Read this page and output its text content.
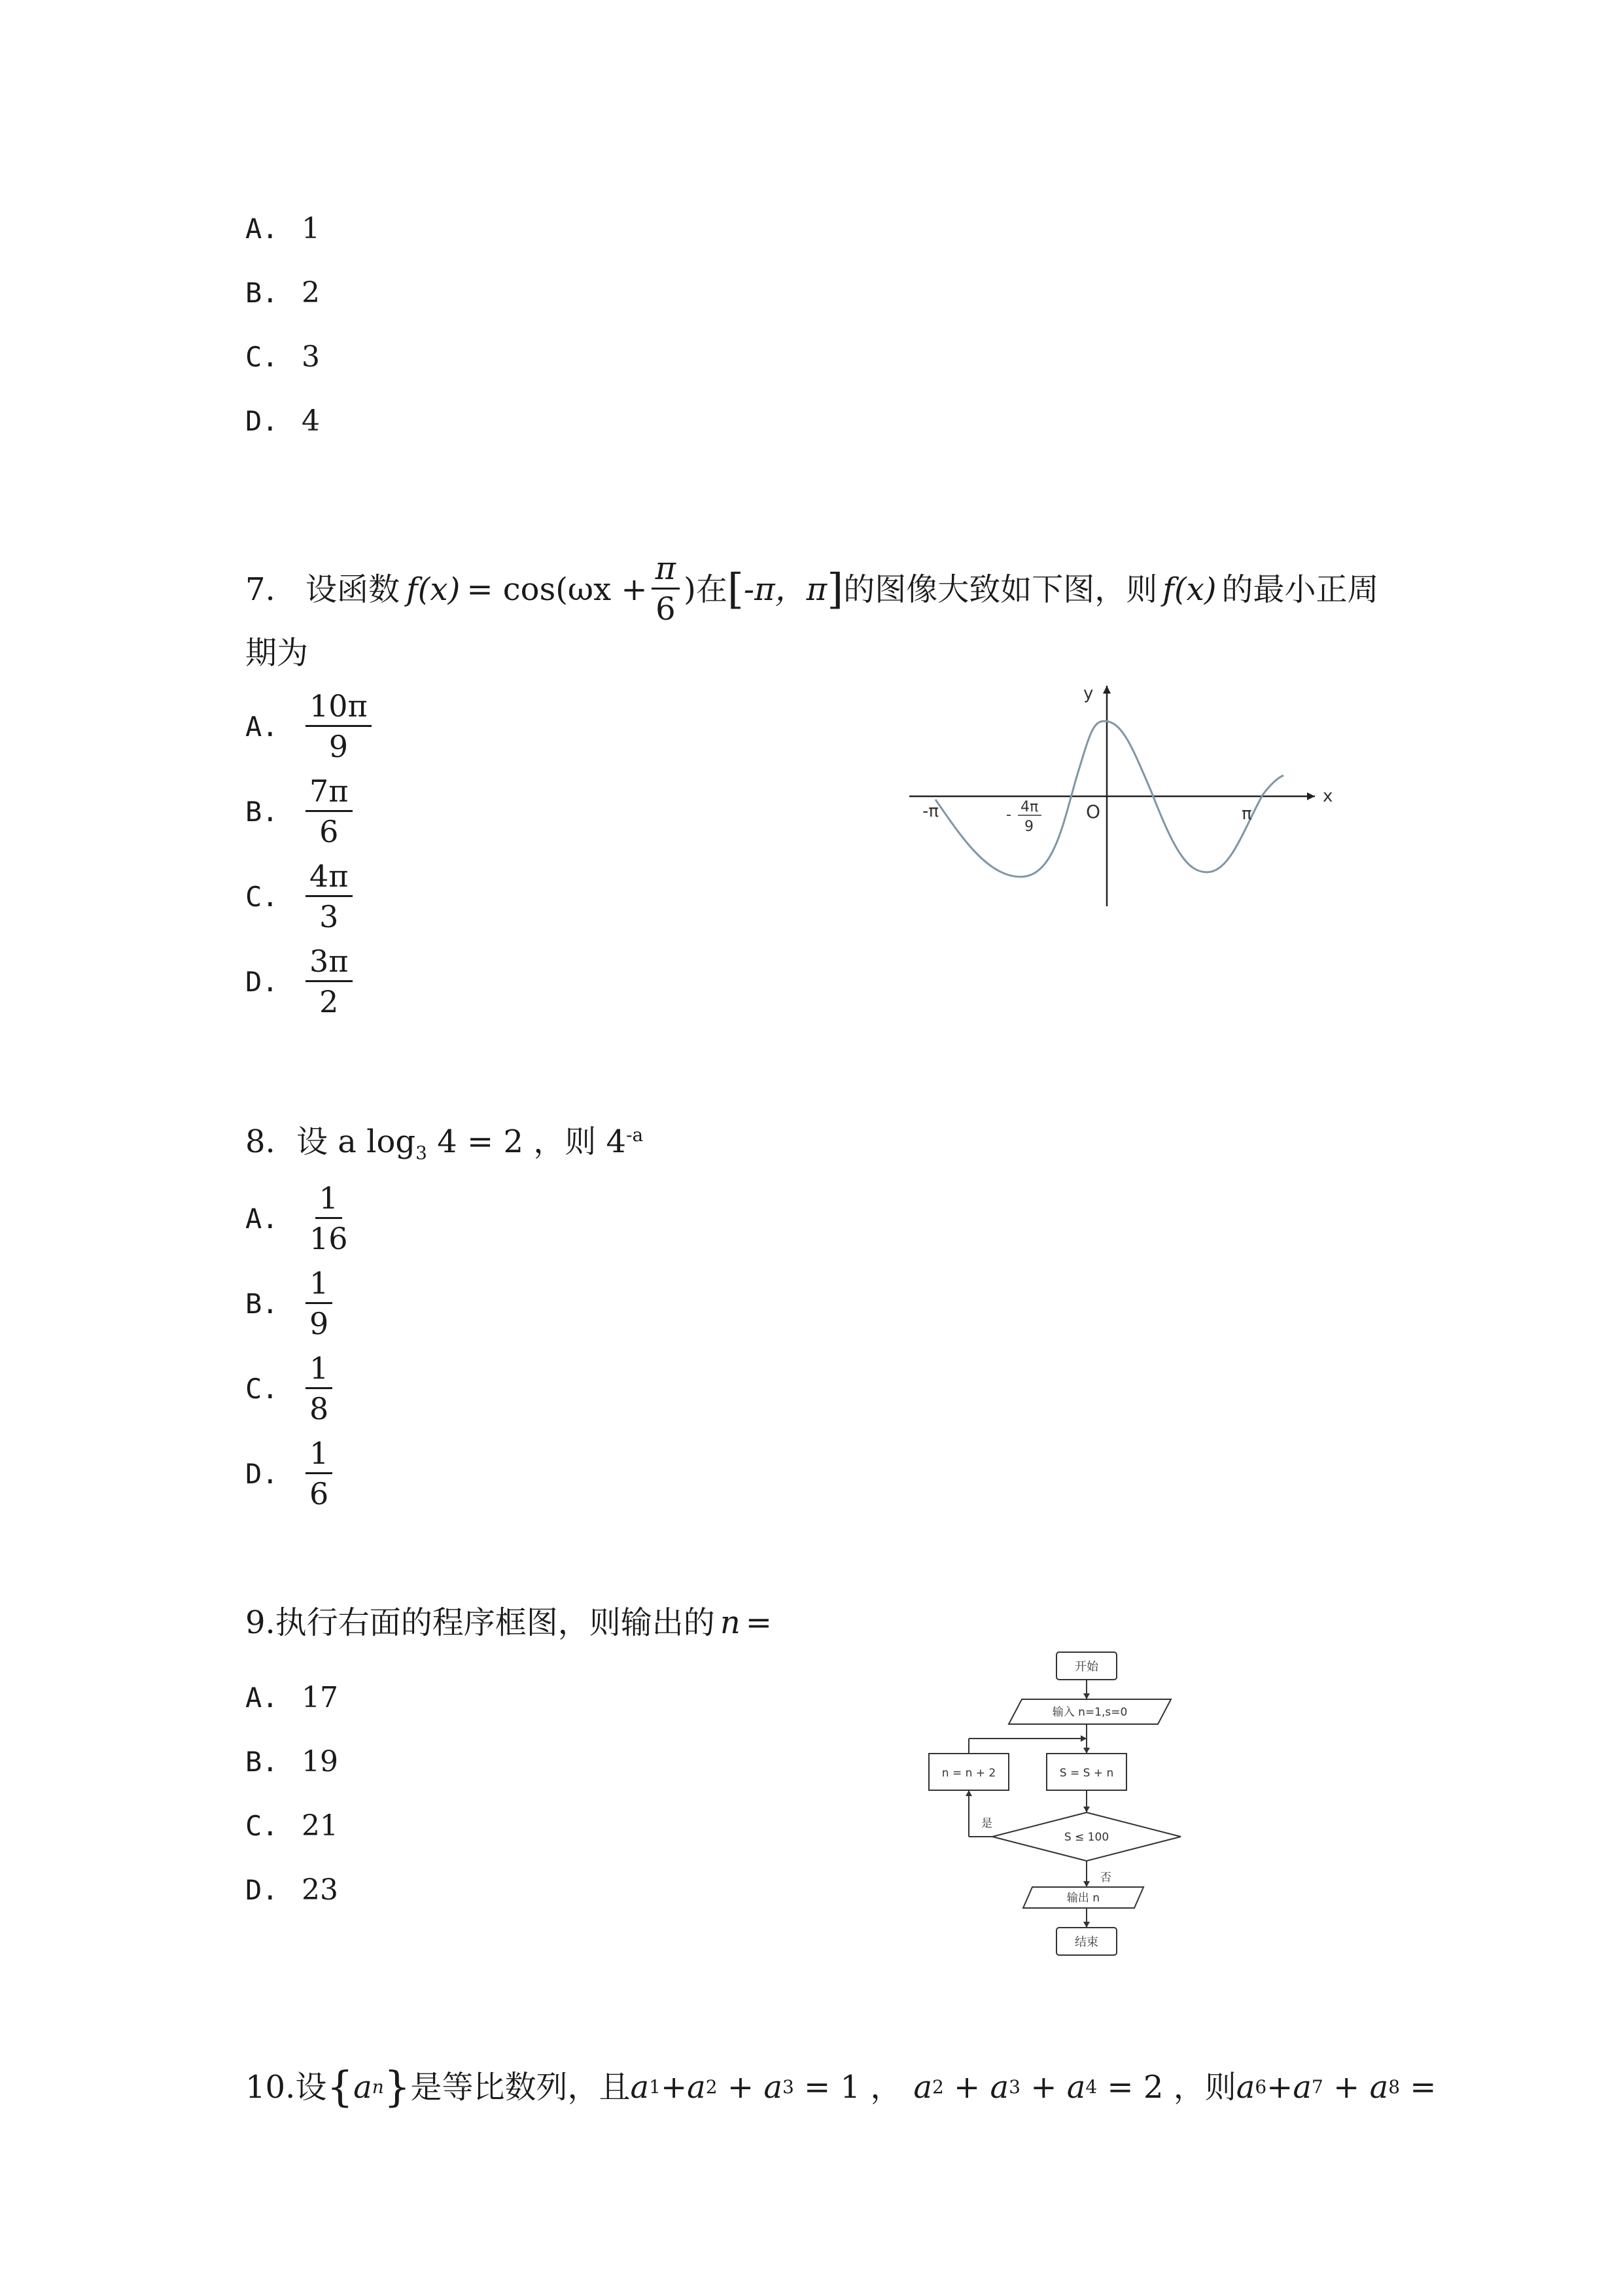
A. 1
B. 2
C. 3
D. 4
7. 设函数 $f(x) = \cos(\omega x + \frac{\pi}{6}$ ) 在 [ -π，π ] 的图像大致如下图，则 f(x) 的最小正周
期为
A. $\frac{10\pi}{9}$
B. $\frac{7\pi}{6}$
C. $\frac{4\pi}{3}$
D. $\frac{3\pi}{2}$
x
y
O
-π	π
4π
-
9
8. 设 a $\log_3 4 = 2$ ，则 $4^{-a}$
A. $\frac{1}{16}$
B. $\frac{1}{9}$
C. $\frac{1}{8}$
D. $\frac{1}{6}$
9.执行右面的程序框图，则输出的 n =
A. 17
B. 19
C. 21
D. 23
开始
输入 n=1,s=0
S = S + n
n = n + 2
S ≤ 100
是
否
输出 n
结束
10. 设 { a n } 是等比数列，且 a 1 +a 2 + a 3 = 1 ， a 2 + a 3 + a 4 = 2 ，则 a 6 +a 7 + a 8 =
